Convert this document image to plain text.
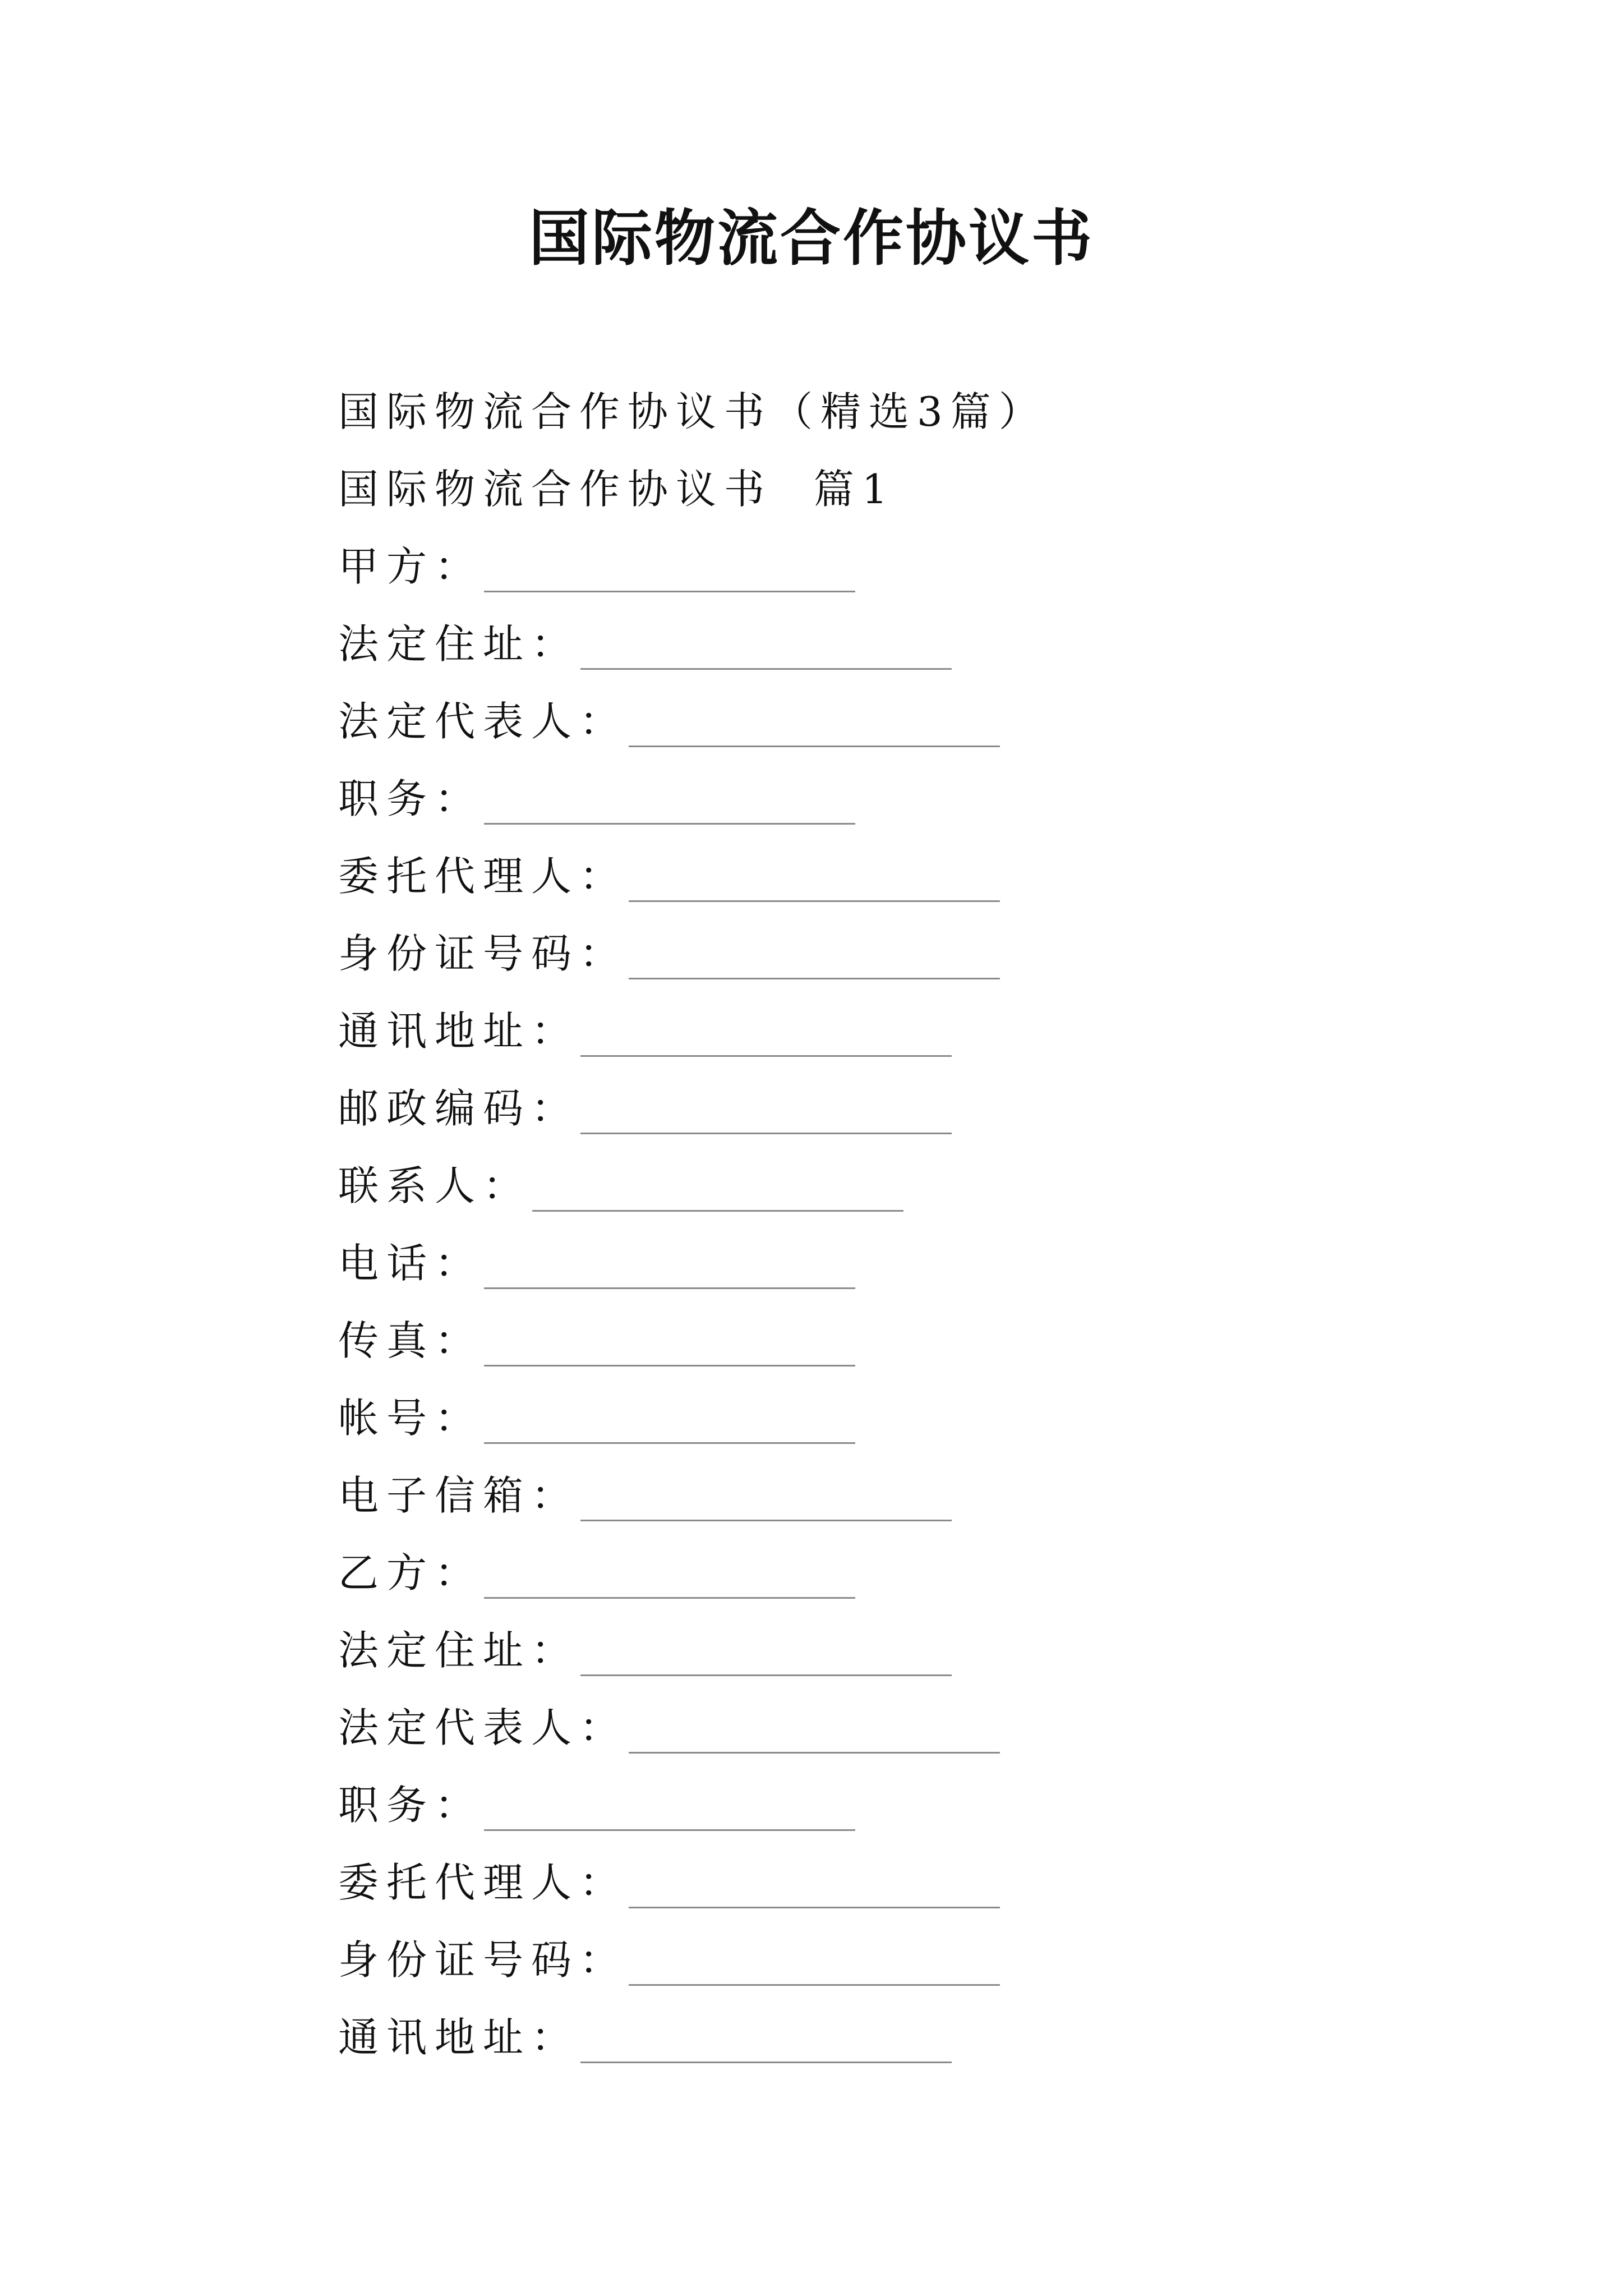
国际物流合作协议书
国际物流合作协议书（精选3篇）
国际物流合作协议书  篇1
甲方：
法定住址：
法定代表人：
职务：
委托代理人：
身份证号码：
通讯地址：
邮政编码：
联系人：
电话：
传真：
帐号：
电子信箱：
乙方：
法定住址：
法定代表人：
职务：
委托代理人：
身份证号码：
通讯地址：
